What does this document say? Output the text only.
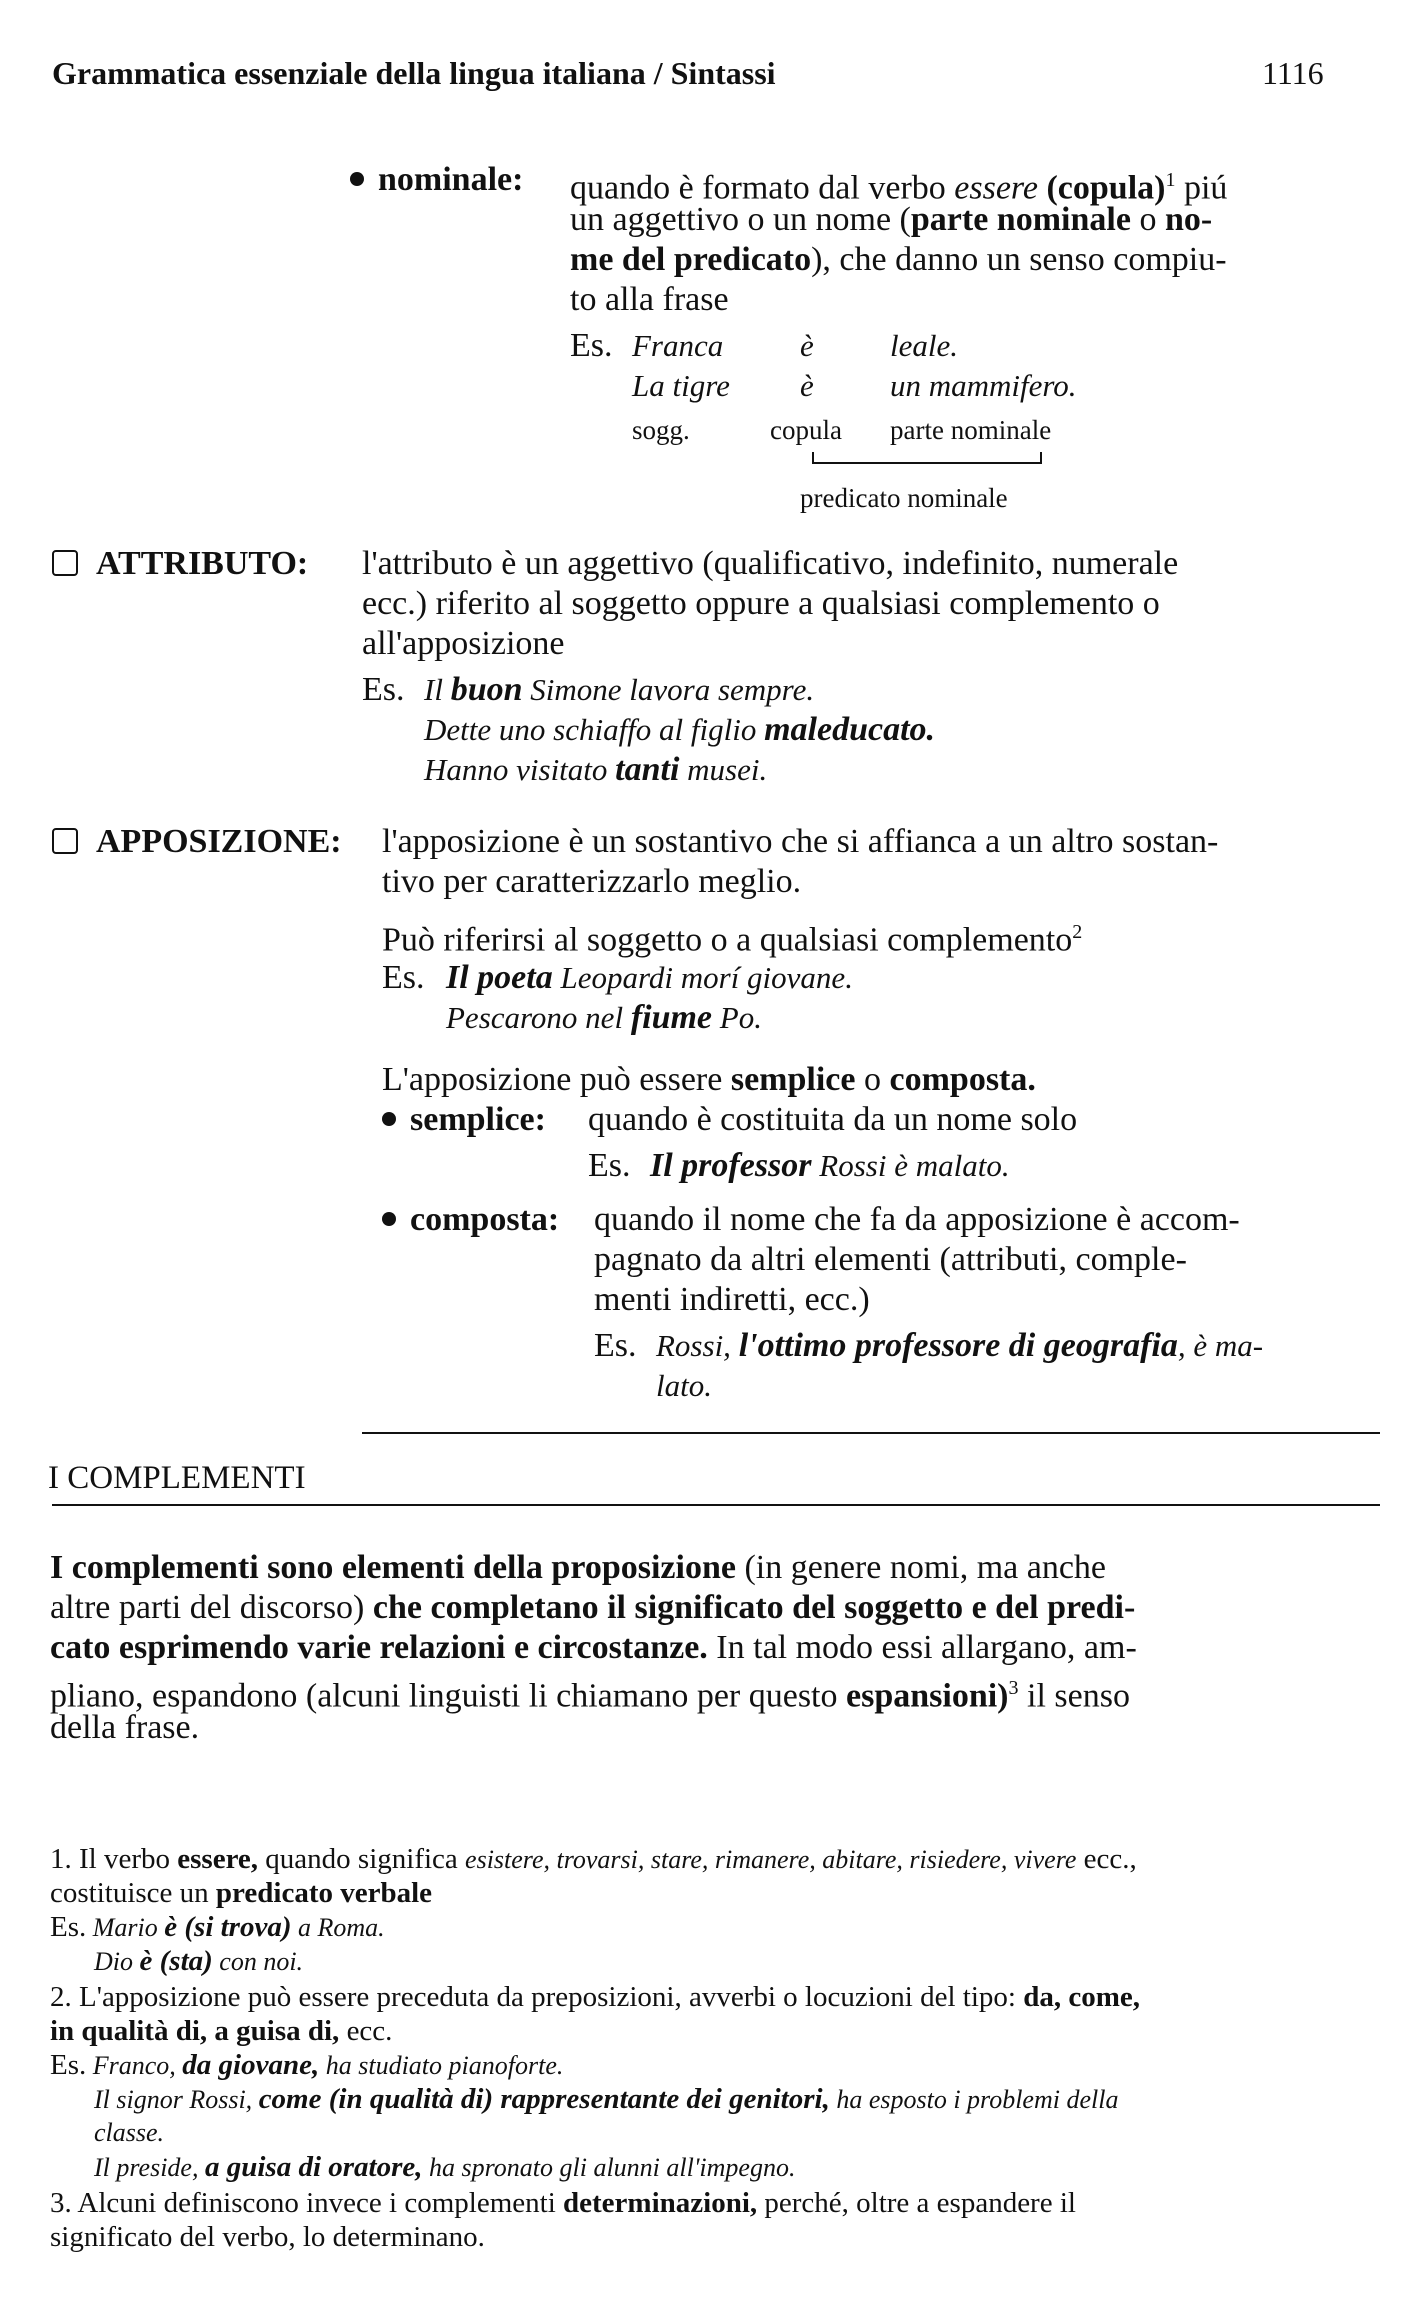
Grammatica essenziale della lingua italiana / Sintassi	1116
nominale: quando è formato dal verbo essere (copula)$^1$ piú
un aggettivo o un nome (parte nominale o no-
me del predicato), che danno un senso compiu-
to alla frase
Es. Franca è leale.
La tigre è un mammifero.
sogg.	copula parte nominale
predicato nominale
ATTRIBUTO: l'attributo è un aggettivo (qualificativo, indefinito, numerale
ecc.) riferito al soggetto oppure a qualsiasi complemento o
all'apposizione
Es. Il buon Simone lavora sempre.
Dette uno schiaffo al figlio maleducato.
Hanno visitato tanti musei.
APPOSIZIONE: l'apposizione è un sostantivo che si affianca a un altro sostan-
tivo per caratterizzarlo meglio.
Può riferirsi al soggetto o a qualsiasi complemento$^2$
Es. Il poeta Leopardi morí giovane.
Pescarono nel fiume Po.
L'apposizione può essere semplice o composta.
semplice: quando è costituita da un nome solo
Es. Il professor Rossi è malato.
composta: quando il nome che fa da apposizione è accom-
pagnato da altri elementi (attributi, comple-
menti indiretti, ecc.)
Es. Rossi, l'ottimo professore di geografia, è ma-
lato.
I COMPLEMENTI
I complementi sono elementi della proposizione (in genere nomi, ma anche
altre parti del discorso) che completano il significato del soggetto e del predi-
cato esprimendo varie relazioni e circostanze. In tal modo essi allargano, am-
pliano, espandono (alcuni linguisti li chiamano per questo espansioni)$^3$ il senso
della frase.
1. Il verbo essere, quando significa esistere, trovarsi, stare, rimanere, abitare, risiedere, vivere ecc.,
costituisce un predicato verbale
Es. Mario è (si trova) a Roma.
Dio è (sta) con noi.
2. L'apposizione può essere preceduta da preposizioni, avverbi o locuzioni del tipo: da, come,
in qualità di, a guisa di, ecc.
Es. Franco, da giovane, ha studiato pianoforte.
Il signor Rossi, come (in qualità di) rappresentante dei genitori, ha esposto i problemi della
classe.
Il preside, a guisa di oratore, ha spronato gli alunni all'impegno.
3. Alcuni definiscono invece i complementi determinazioni, perché, oltre a espandere il
significato del verbo, lo determinano.
